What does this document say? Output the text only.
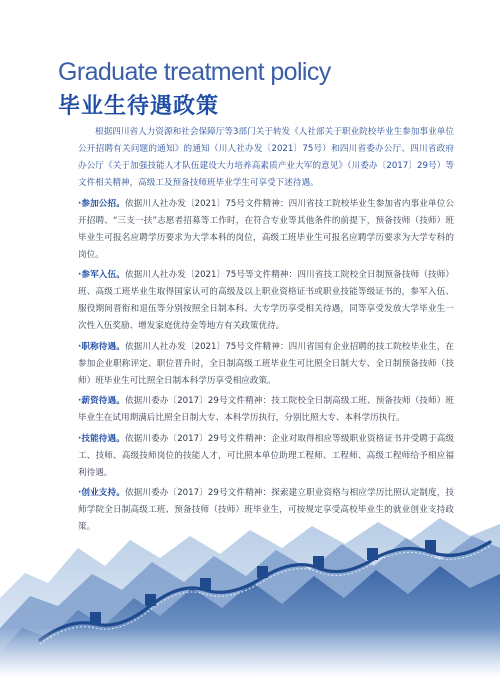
Graduate treatment policy
毕业生待遇政策

根据四川省人力资源和社会保障厅等3部门关于转发《人社部关于职业院校毕业生参加事业单位公开招聘有关问题的通知》的通知（川人社办发〔2021〕75号）和四川省委办公厅、四川省政府办公厅《关于加强技能人才队伍建设大力培养高素质产业大军的意见》（川委办〔2017〕29号）等文件相关精神，高级工及预备技师班毕业学生可享受下述待遇。

·参加公招。依据川人社办发〔2021〕75号文件精神：四川省技工院校毕业生参加省内事业单位公开招聘、“三支一扶”志愿者招募等工作时，在符合专业等其他条件的前提下，预备技师（技师）班毕业生可报名应聘学历要求为大学本科的岗位，高级工班毕业生可报名应聘学历要求为大学专科的岗位。

·参军入伍。依据川人社办发〔2021〕75号等文件精神：四川省技工院校全日制预备技师（技师）班、高级工班毕业生取得国家认可的高级及以上职业资格证书或职业技能等级证书的，参军入伍、服役期间晋衔和退伍等分别按照全日制本科、大专学历享受相关待遇，同等享受发放大学毕业生一次性入伍奖励、增发家庭优待金等地方有关政策优待。

·职称待遇。依据川人社办发〔2021〕75号文件精神：四川省国有企业招聘的技工院校毕业生，在参加企业职称评定、职位晋升时，全日制高级工班毕业生可比照全日制大专、全日制预备技师（技师）班毕业生可比照全日制本科学历享受相应政策。

·薪资待遇。依据川委办〔2017〕29号文件精神：技工院校全日制高级工班、预备技师（技师）班毕业生在试用期满后比照全日制大专、本科学历执行，分别比照大专、本科学历执行。

·技能待遇。依据川委办〔2017〕29号文件精神：企业对取得相应等级职业资格证书并受聘于高级工、技师、高级技师岗位的技能人才，可比照本单位助理工程师、工程师、高级工程师给予相应福利待遇。

·创业支持。依据川委办〔2017〕29号文件精神：探索建立职业资格与相应学历比照认定制度，技师学院全日制高级工班、预备技师（技师）班毕业生，可按规定享受高校毕业生的就业创业支持政策。
